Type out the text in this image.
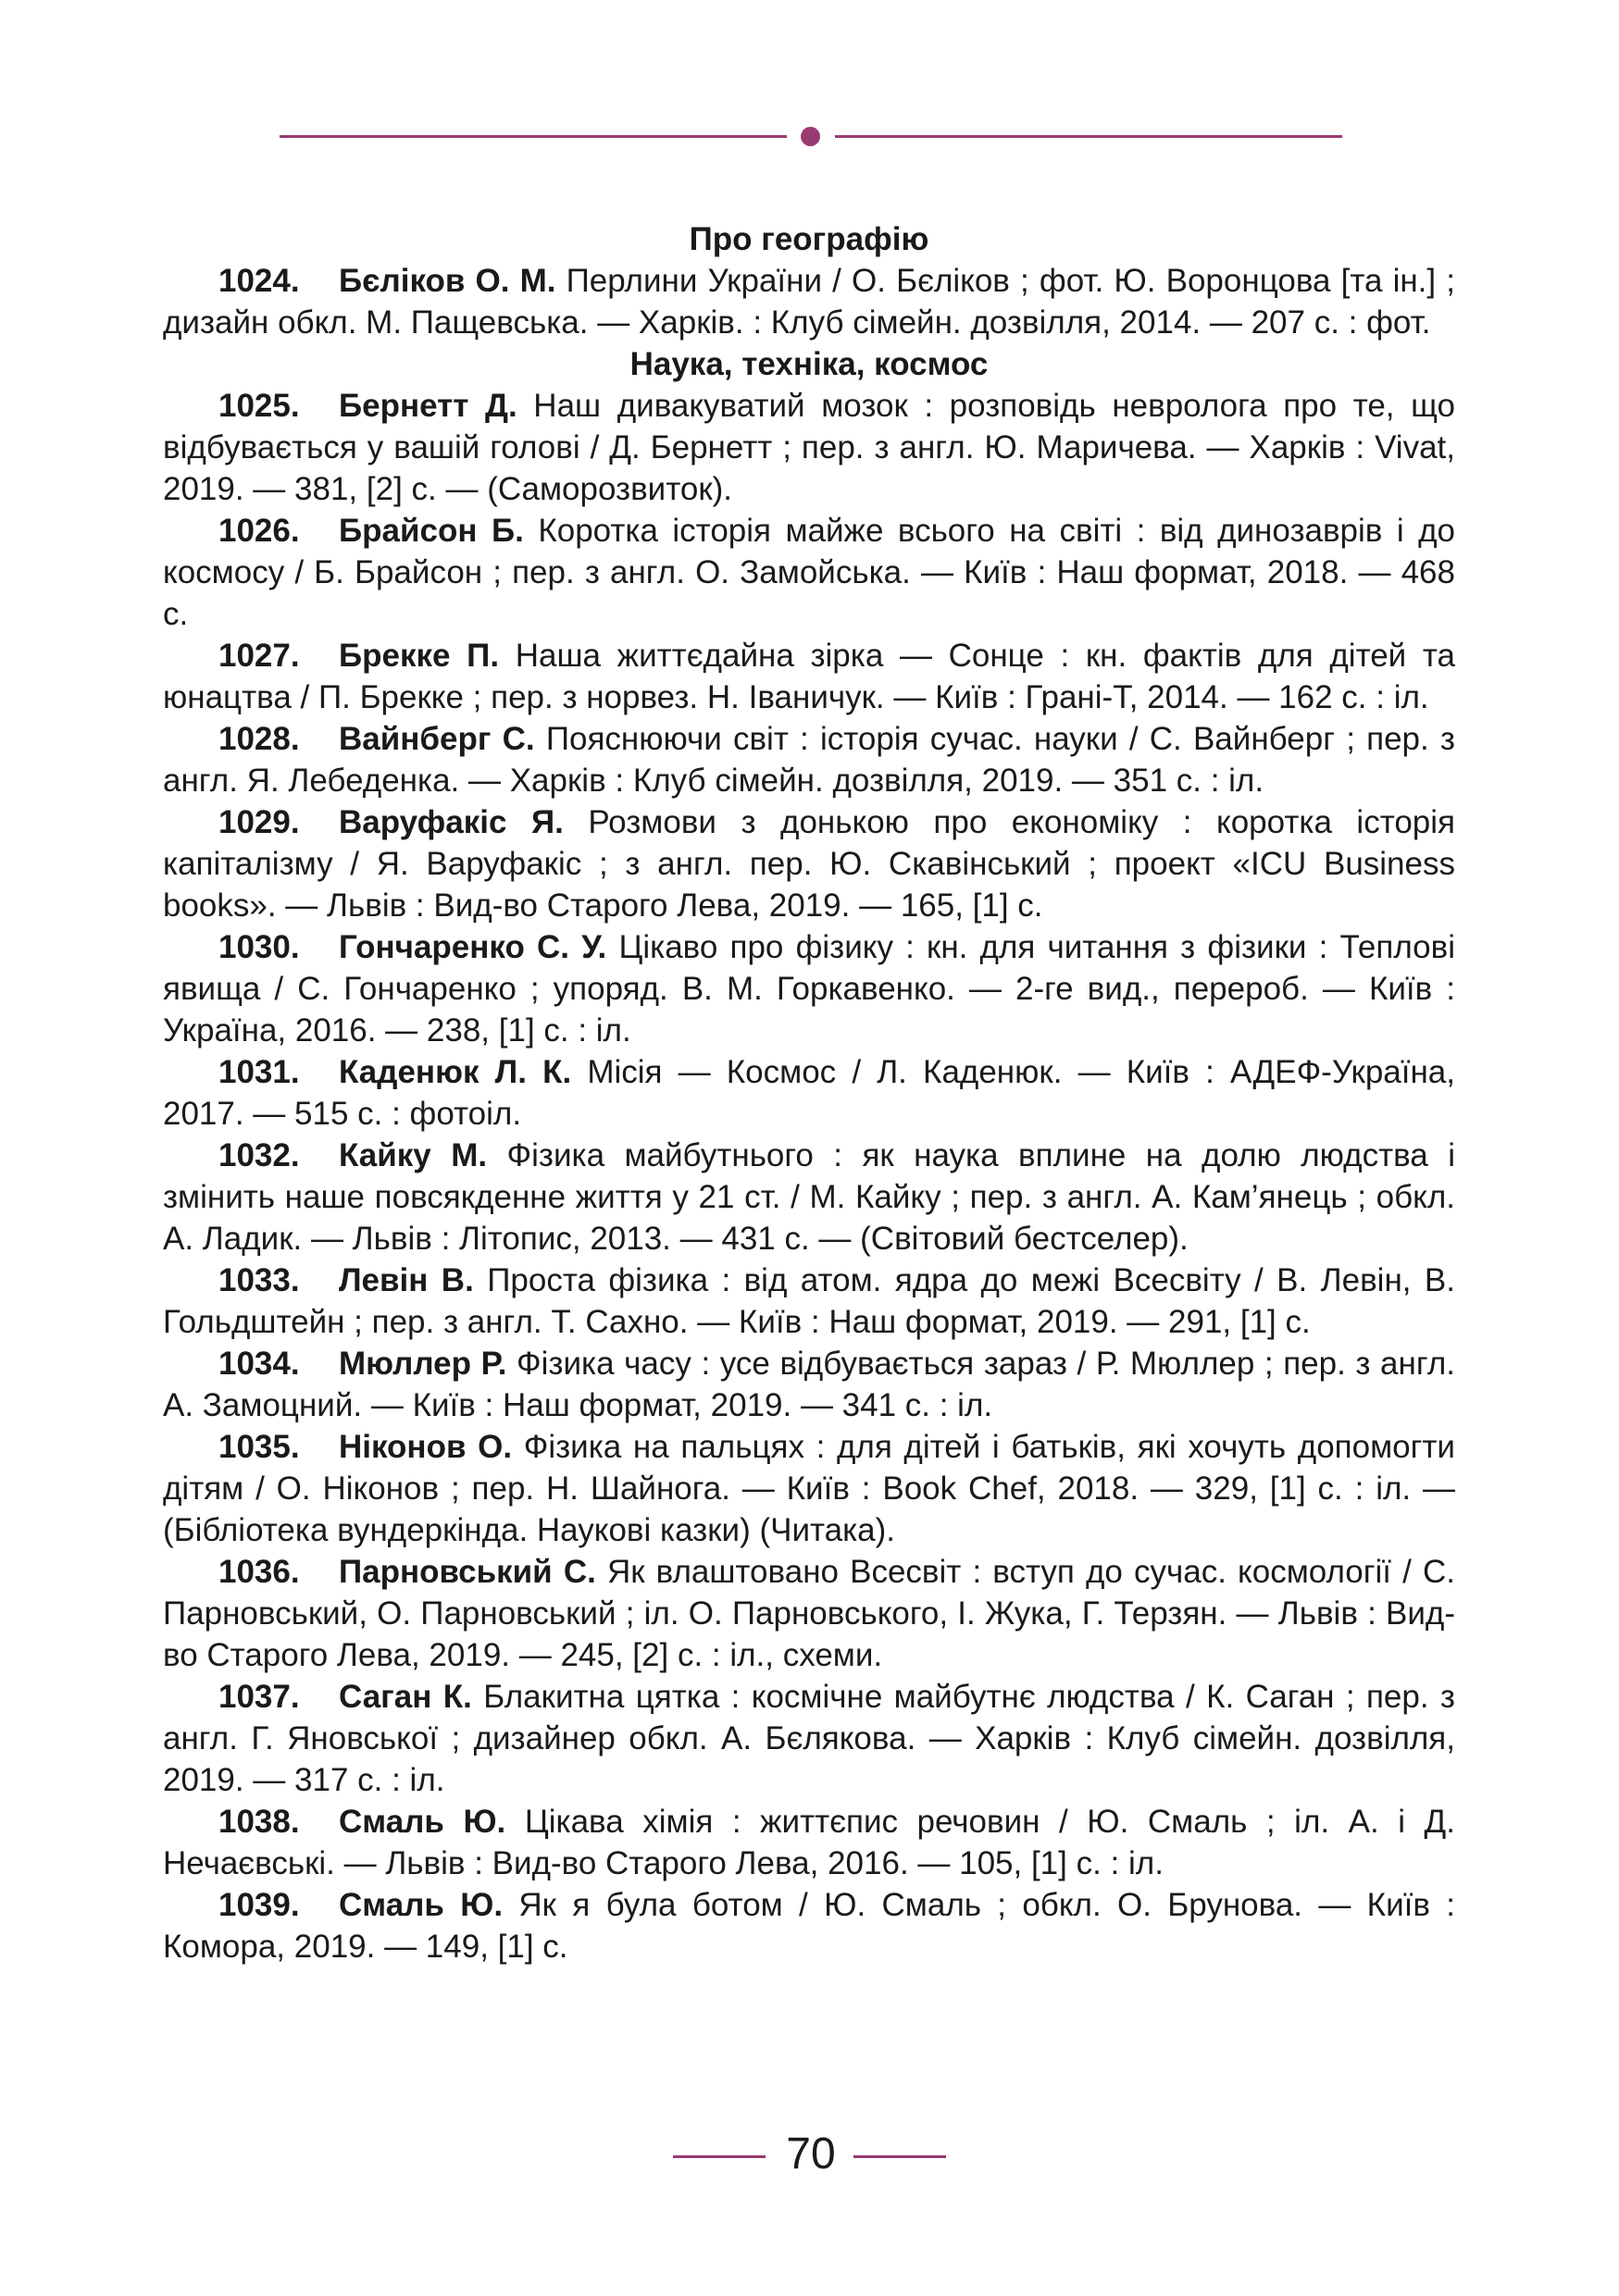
Про географію

1024. Бєліков О. М. Перлини України / О. Бєліков ; фот. Ю. Воронцова [та ін.] ; дизайн обкл. М. Пащевська. — Харків. : Клуб сімейн. дозвілля, 2014. — 207 с. : фот.

Наука, техніка, космос

1025. Бернетт Д. Наш дивакуватий мозок : розповідь невролога про те, що відбувається у вашій голові / Д. Бернетт ; пер. з англ. Ю. Маричева. — Харків : Vivat, 2019. — 381, [2] с. — (Саморозвиток).

1026. Брайсон Б. Коротка історія майже всього на світі : від динозаврів і до космосу / Б. Брайсон ; пер. з англ. О. Замойська. — Київ : Наш формат, 2018. — 468 с.

1027. Брекке П. Наша життєдайна зірка — Сонце : кн. фактів для дітей та юнацтва / П. Брекке ; пер. з норвез. Н. Іваничук. — Київ : Грані-Т, 2014. — 162 с. : іл.

1028. Вайнберг С. Пояснюючи світ : історія сучас. науки / С. Вайнберг ; пер. з англ. Я. Лебеденка. — Харків : Клуб сімейн. дозвілля, 2019. — 351 с. : іл.

1029. Варуфакіс Я. Розмови з донькою про економіку : коротка історія капіталізму / Я. Варуфакіс ; з англ. пер. Ю. Скавінський ; проект «ICU Business books». — Львів : Вид-во Старого Лева, 2019. — 165, [1] с.

1030. Гончаренко С. У. Цікаво про фізику : кн. для читання з фізики : Теплові явища / С. Гончаренко ; упоряд. В. М. Горкавенко. — 2-ге вид., перероб. — Київ : Україна, 2016. — 238, [1] с. : іл.

1031. Каденюк Л. К. Місія — Космос / Л. Каденюк. — Київ : АДЕФ-Україна, 2017. — 515 с. : фотоіл.

1032. Кайку М. Фізика майбутнього : як наука вплине на долю людства і змінить наше повсякденне життя у 21 ст. / М. Кайку ; пер. з англ. А. Кам’янець ; обкл. А. Ладик. — Львів : Літопис, 2013. — 431 с. — (Світовий бестселер).

1033. Левін В. Проста фізика : від атом. ядра до межі Всесвіту / В. Левін, В. Гольдштейн ; пер. з англ. Т. Сахно. — Київ : Наш формат, 2019. — 291, [1] с.

1034. Мюллер Р. Фізика часу : усе відбувається зараз / Р. Мюллер ; пер. з англ. А. Замоцний. — Київ : Наш формат, 2019. — 341 с. : іл.

1035. Ніконов О. Фізика на пальцях : для дітей і батьків, які хочуть допомогти дітям / О. Ніконов ; пер. Н. Шайнога. — Київ : Book Chef, 2018. — 329, [1] с. : іл. — (Бібліотека вундеркінда. Наукові казки) (Читака).

1036. Парновський С. Як влаштовано Всесвіт : вступ до сучас. космології / С. Парновський, О. Парновський ; іл. О. Парновського, І. Жука, Г. Терзян. — Львів : Вид-во Старого Лева, 2019. — 245, [2] с. : іл., схеми.

1037. Саган К. Блакитна цятка : космічне майбутнє людства / К. Саган ; пер. з англ. Г. Яновської ; дизайнер обкл. А. Бєлякова. — Харків : Клуб сімейн. дозвілля, 2019. — 317 с. : іл.

1038. Смаль Ю. Цікава хімія : життєпис речовин / Ю. Смаль ; іл. А. і Д. Нечаєвські. — Львів : Вид-во Старого Лева, 2016. — 105, [1] с. : іл.

1039. Смаль Ю. Як я була ботом / Ю. Смаль ; обкл. О. Брунова. — Київ : Комора, 2019. — 149, [1] с.

70
